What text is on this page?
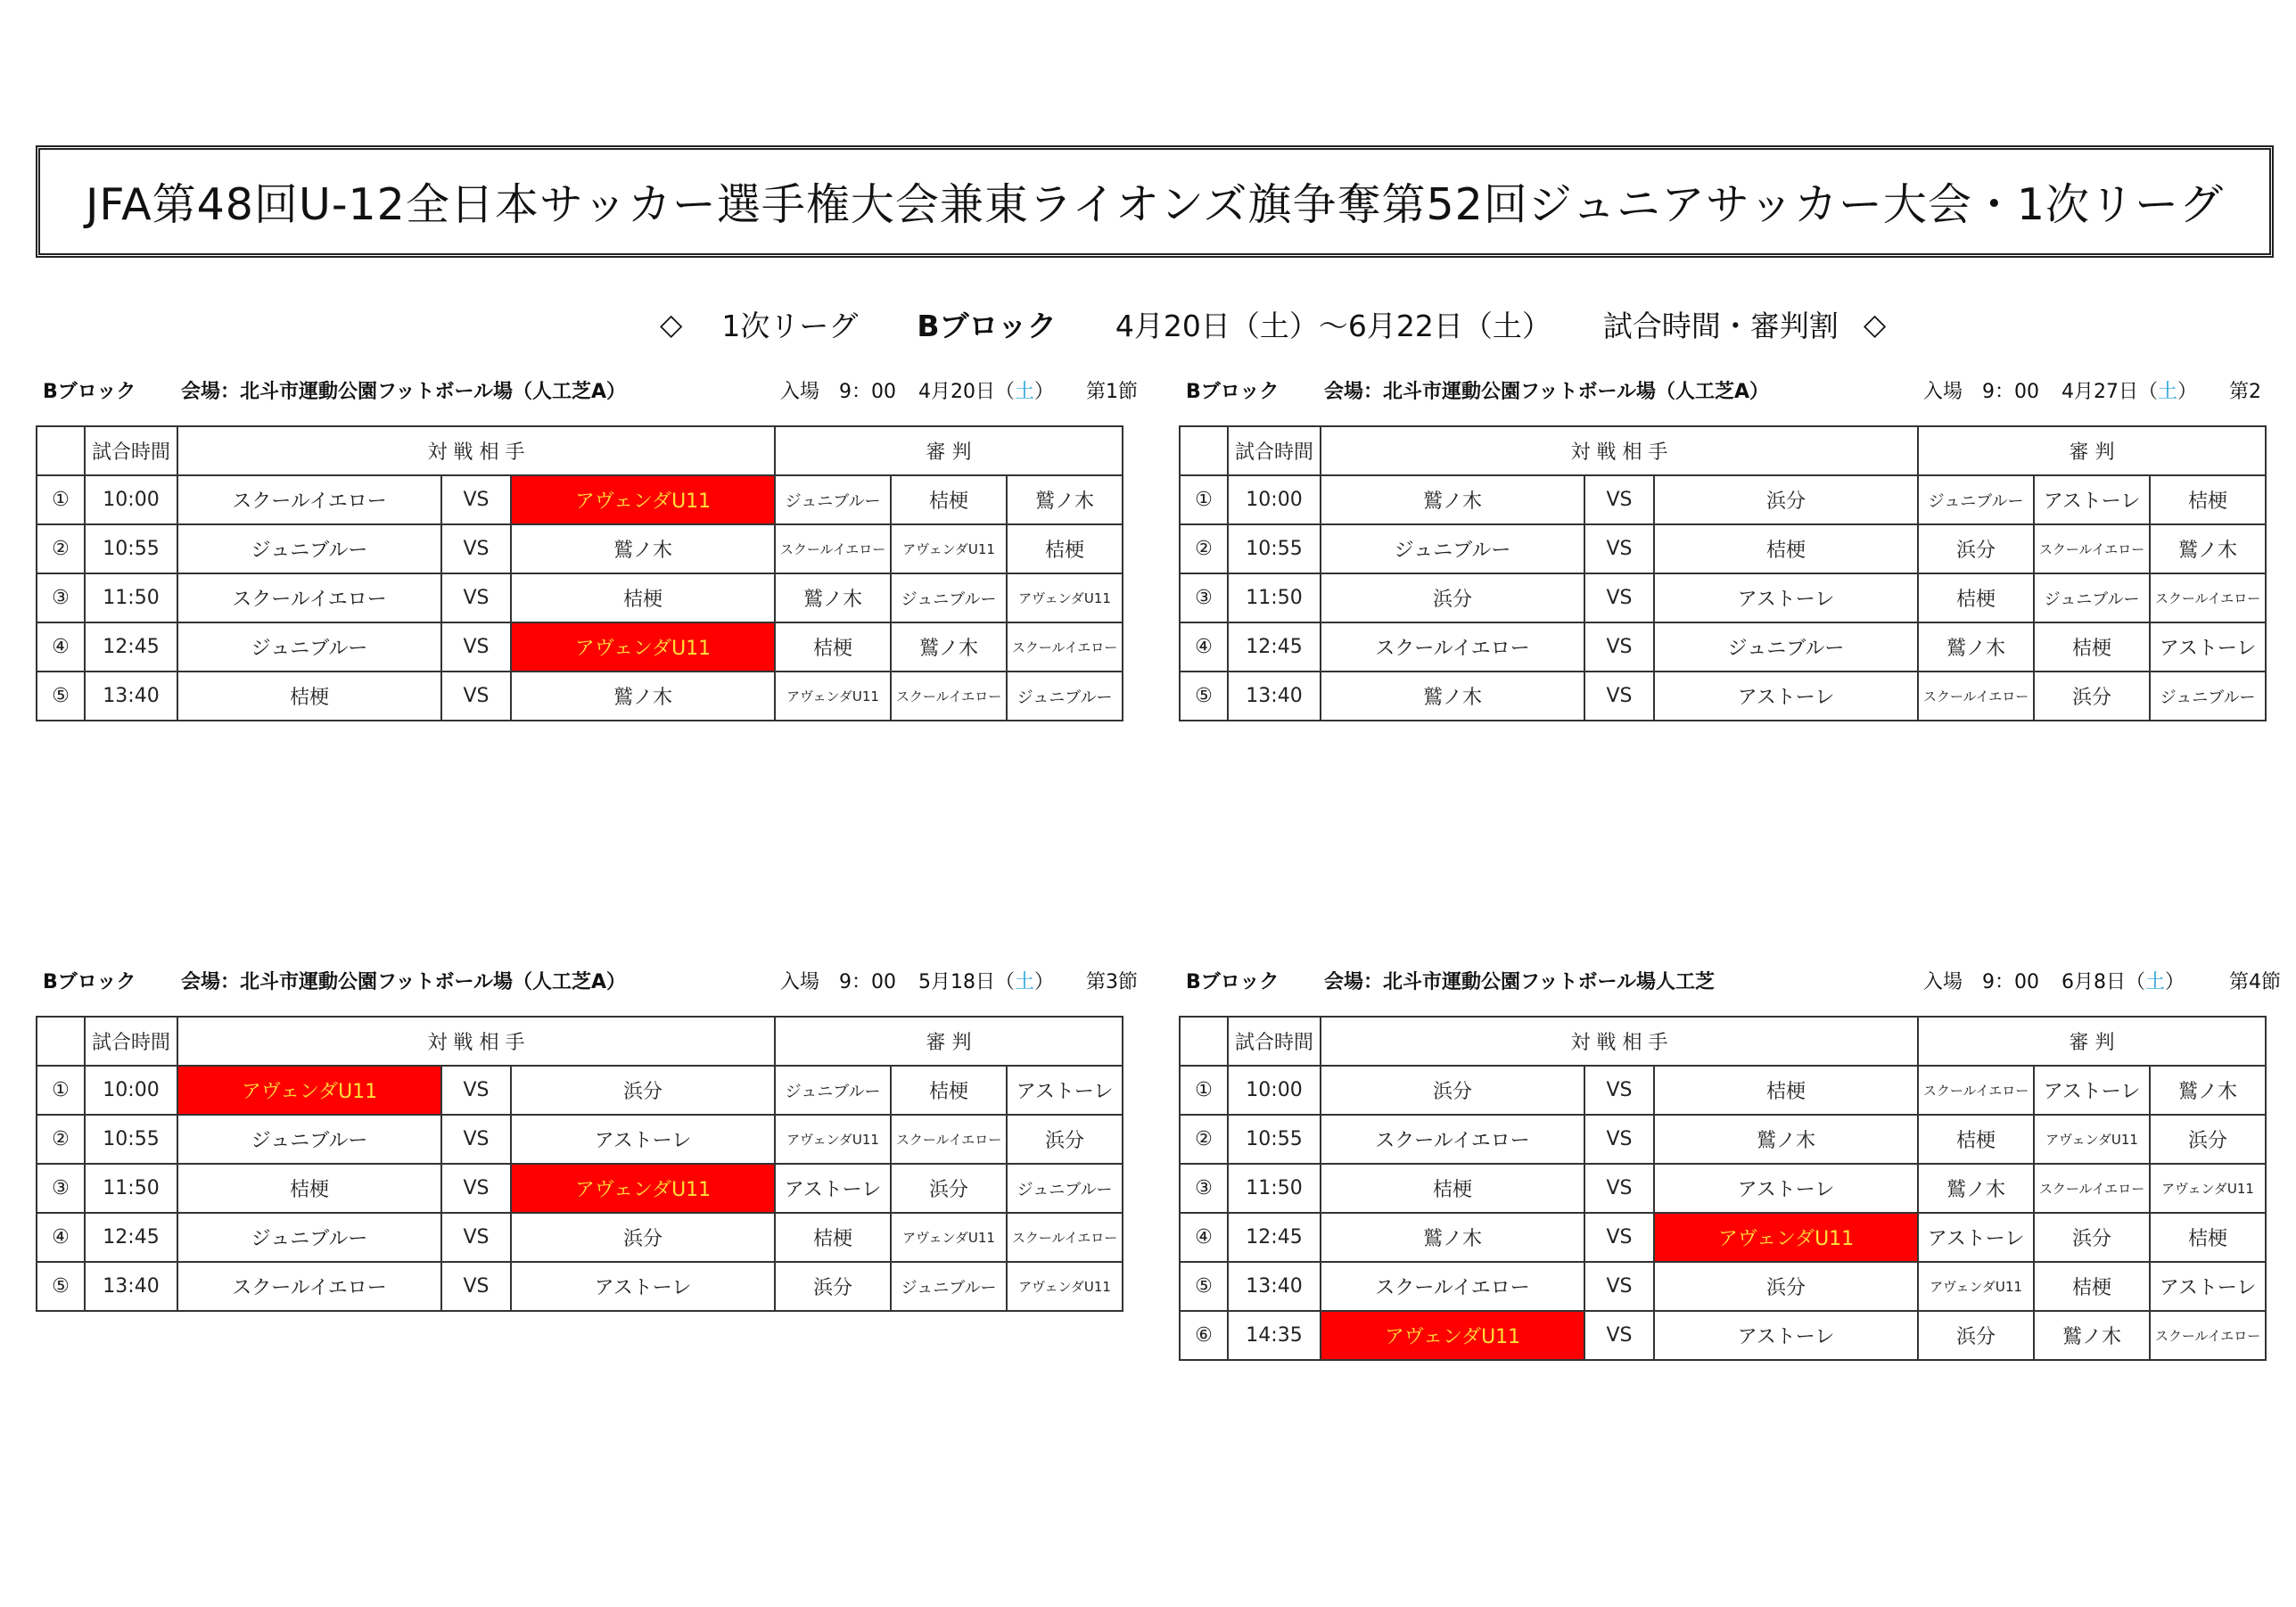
JFA第48回U-12全日本サッカー選手権大会兼東ライオンズ旗争奪第52回ジュニアサッカー大会・1次リーグ
◇ 1次リーグ Bブロック 4月20日（土）〜6月22日（土） 試合時間・審判割 ◇
Bブロック 会場：北斗市運動公園フットボール場（人工芝A）	入場　9：00 4月20日（土） 第1節
	試合時間	対 戦 相 手			審 判		
①	10:00	スクールイエロー	VS	アヴェンダU11	ジュニブルー	桔梗	鷲ノ木
②	10:55	ジュニブルー	VS	鷲ノ木	スクールイエロー	アヴェンダU11	桔梗
③	11:50	スクールイエロー	VS	桔梗	鷲ノ木	ジュニブルー	アヴェンダU11
④	12:45	ジュニブルー	VS	アヴェンダU11	桔梗	鷲ノ木	スクールイエロー
⑤	13:40	桔梗	VS	鷲ノ木	アヴェンダU11	スクールイエロー	ジュニブルー
Bブロック 会場：北斗市運動公園フットボール場（人工芝A）	入場　9：00 4月27日（土） 第2
	試合時間	対 戦 相 手			審 判		
①	10:00	鷲ノ木	VS	浜分	ジュニブルー	アストーレ	桔梗
②	10:55	ジュニブルー	VS	桔梗	浜分	スクールイエロー	鷲ノ木
③	11:50	浜分	VS	アストーレ	桔梗	ジュニブルー	スクールイエロー
④	12:45	スクールイエロー	VS	ジュニブルー	鷲ノ木	桔梗	アストーレ
⑤	13:40	鷲ノ木	VS	アストーレ	スクールイエロー	浜分	ジュニブルー
Bブロック 会場：北斗市運動公園フットボール場（人工芝A）	入場　9：00 5月18日（土） 第3節
	試合時間	対 戦 相 手			審 判		
①	10:00	アヴェンダU11	VS	浜分	ジュニブルー	桔梗	アストーレ
②	10:55	ジュニブルー	VS	アストーレ	アヴェンダU11	スクールイエロー	浜分
③	11:50	桔梗	VS	アヴェンダU11	アストーレ	浜分	ジュニブルー
④	12:45	ジュニブルー	VS	浜分	桔梗	アヴェンダU11	スクールイエロー
⑤	13:40	スクールイエロー	VS	アストーレ	浜分	ジュニブルー	アヴェンダU11
Bブロック 会場：北斗市運動公園フットボール場人工芝	入場　9：00 6月8日（土） 第4節
	試合時間	対 戦 相 手			審 判		
①	10:00	浜分	VS	桔梗	スクールイエロー	アストーレ	鷲ノ木
②	10:55	スクールイエロー	VS	鷲ノ木	桔梗	アヴェンダU11	浜分
③	11:50	桔梗	VS	アストーレ	鷲ノ木	スクールイエロー	アヴェンダU11
④	12:45	鷲ノ木	VS	アヴェンダU11	アストーレ	浜分	桔梗
⑤	13:40	スクールイエロー	VS	浜分	アヴェンダU11	桔梗	アストーレ
⑥	14:35	アヴェンダU11	VS	アストーレ	浜分	鷲ノ木	スクールイエロー
